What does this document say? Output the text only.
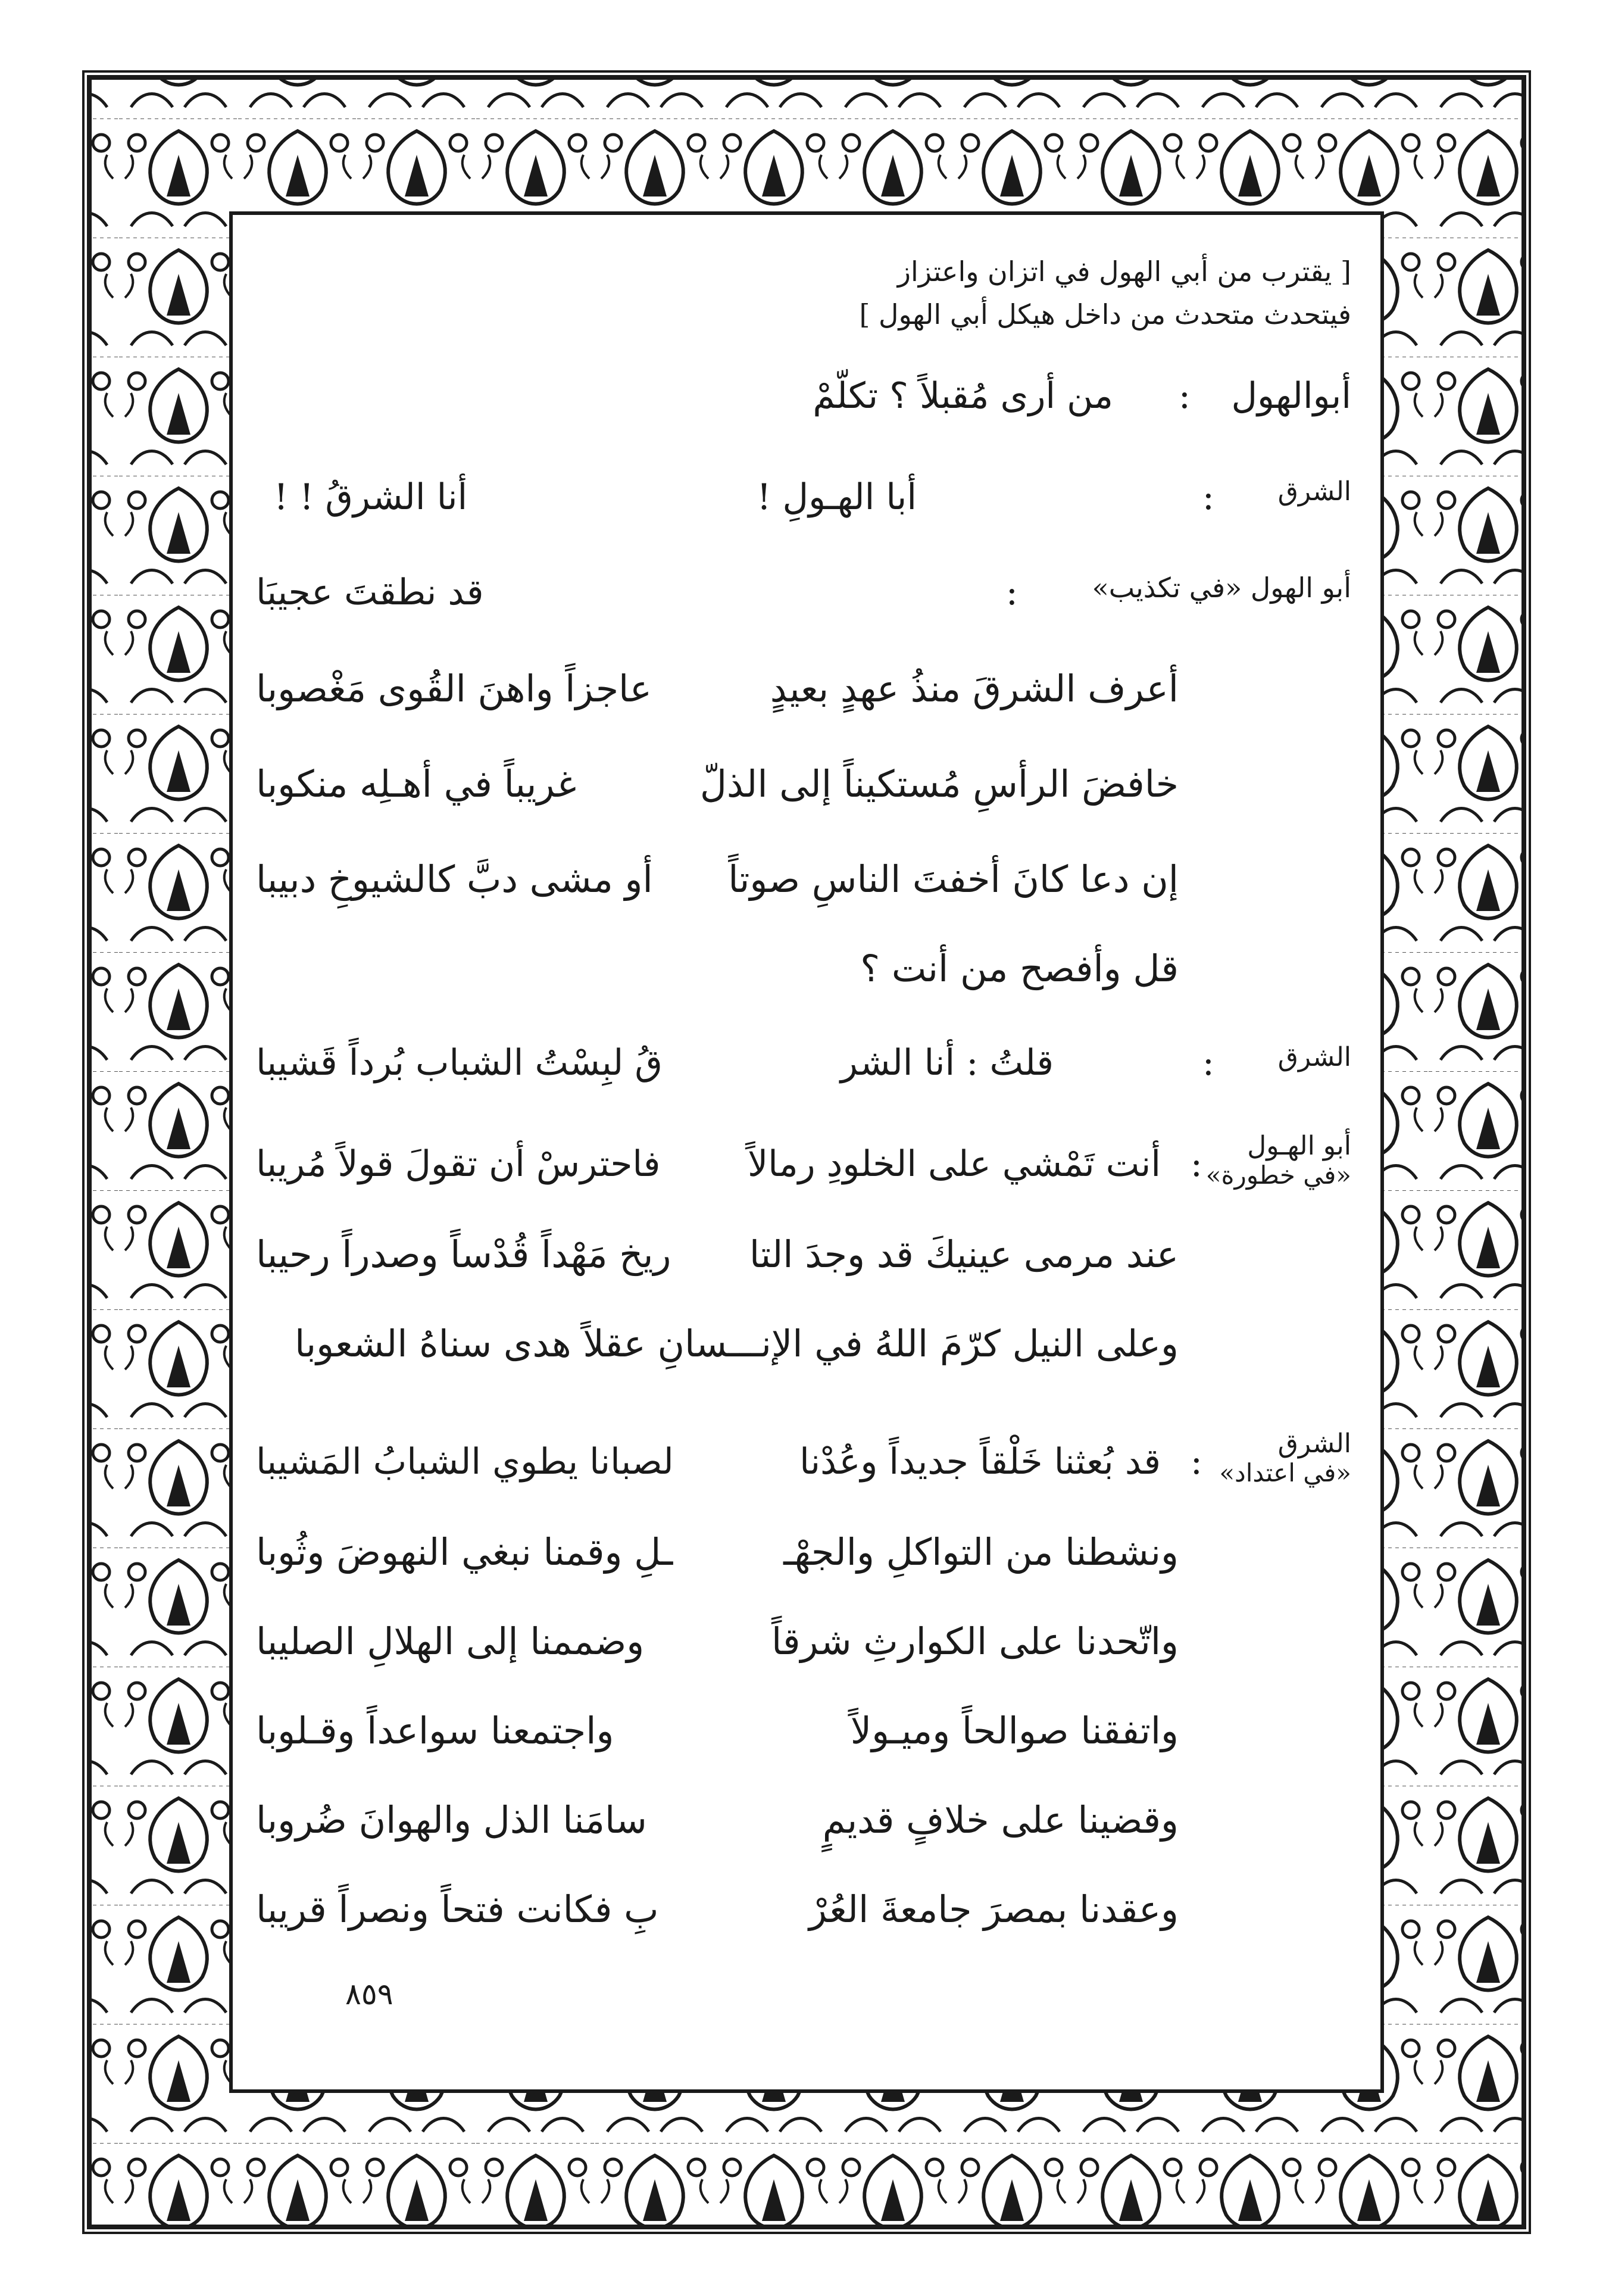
[ يقترب من أبي الهول في اتزان واعتزاز
فيتحدث متحدث من داخل هيكل أبي الهول ]
أبوالهول
:
من أرى مُقبلاً ؟ تكلّمْ
الشرق
:
أبا الهـولِ !
أنا الشرقُ ! !
أبو الهول «في تكذيب»
:
قد نطقتَ عجيبَا
أعرف الشرقَ منذُ عهدٍ بعيدٍ
عاجزاً واهنَ القُوى مَغْصوبا
خافضَ الرأسِ مُستكيناً إلى الذلّ
غريباً في أهـلِه منكوبا
إن دعا كانَ أخفتَ الناسِ صوتاً
أو مشى دبَّ كالشيوخِ دبيبا
قل وأفصح من أنت ؟
الشرق
:
قلتُ : أنا الشر
قُ لبِسْتُ الشباب بُرداً قَشيبا
أبو الهـول
«في خطورة»
:
أنت تَمْشي على الخلودِ رمالاً
فاحترسْ أن تقولَ قولاً مُريبا
عند مرمى عينيكَ قد وجدَ التا
ريخ مَهْداً قُدْساً وصدراً رحيبا
وعلى النيل كرّمَ اللهُ في الإنـــسانِ عقلاً هدى سناهُ الشعوبا
الشرق
«في اعتداد»
:
قد بُعثنا خَلْقاً جديداً وعُدْنا
لصبانا يطوي الشبابُ المَشيبا
ونشطنا من التواكلِ والجهْـ
ـلِ وقمنا نبغي النهوضَ وثُوبا
واتّحدنا على الكوارثِ شرقاً
وضممنا إلى الهلالِ الصليبا
واتفقنا صوالحاً وميـولاً
واجتمعنا سواعداً وقـلوبا
وقضينا على خلافٍ قديمٍ
سامَنا الذل والهوانَ ضُروبا
وعقدنا بمصرَ جامعةَ العُرْ
بِ فكانت فتحاً ونصراً قريبا
٨٥٩
